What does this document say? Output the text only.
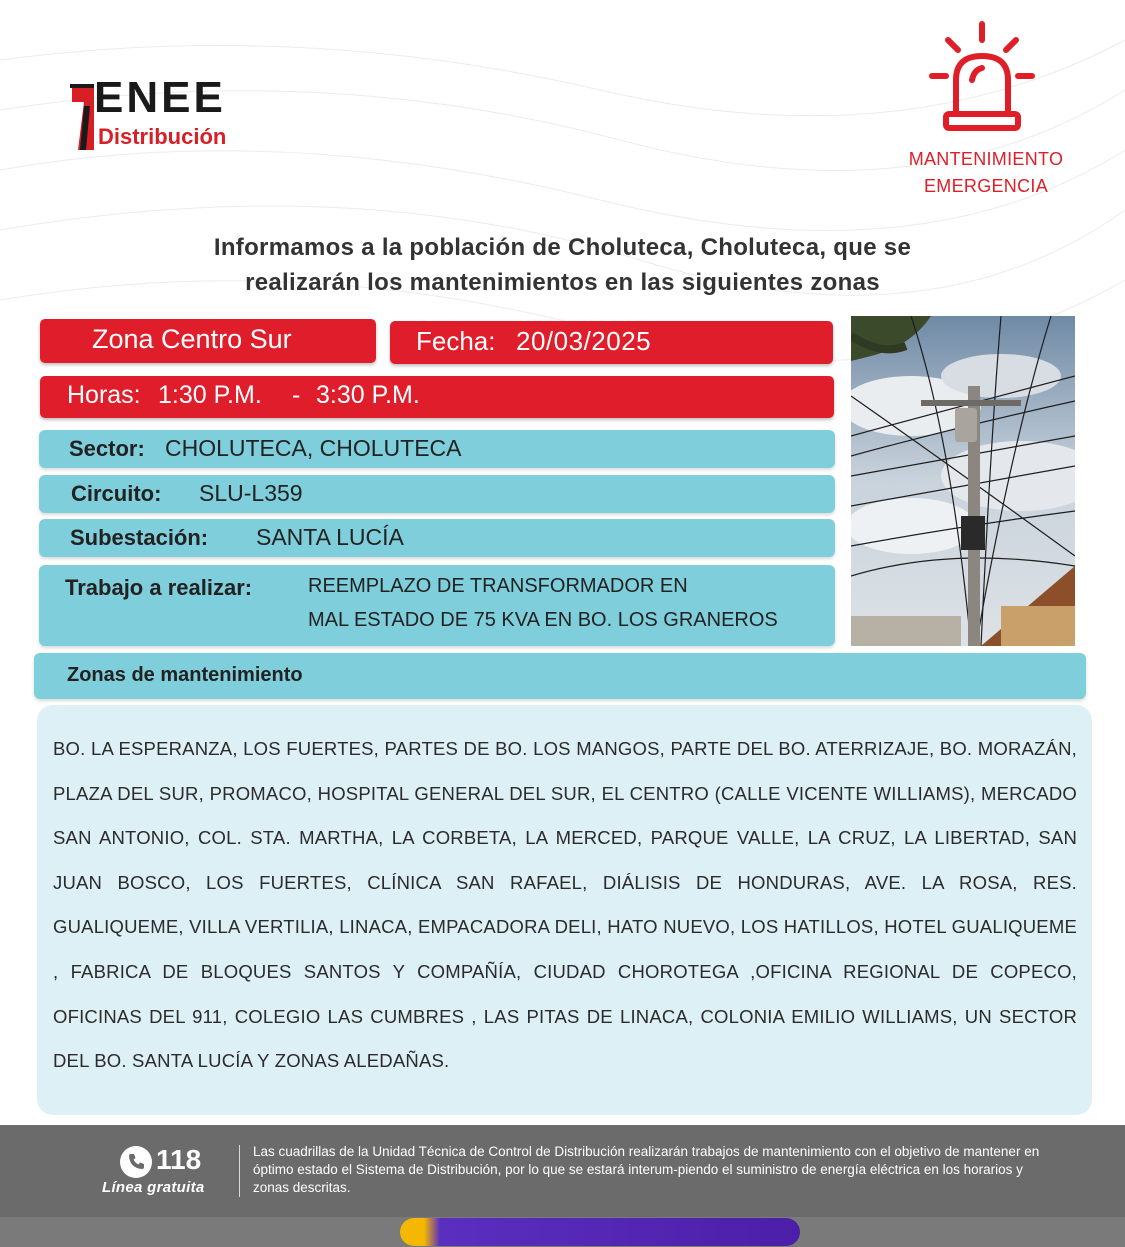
ENEE
Distribución
MANTENIMIENTO
EMERGENCIA
Informamos a la población de Choluteca, Choluteca, que se
realizarán los mantenimientos en las siguientes zonas
Zona Centro Sur	Fecha: 20/03/2025
Horas: 1:30 P.M. - 3:30 P.M.
Sector: CHOLUTECA, CHOLUTECA
Circuito: SLU-L359
Subestación: SANTA LUCÍA
Trabajo a realizar:	REEMPLAZO DE TRANSFORMADOR EN
MAL ESTADO DE 75 KVA EN BO. LOS GRANEROS
Zonas de mantenimiento
BO. LA ESPERANZA, LOS FUERTES, PARTES DE BO. LOS MANGOS, PARTE DEL BO. ATERRIZAJE, BO. MORAZÁN, PLAZA DEL SUR, PROMACO, HOSPITAL GENERAL DEL SUR, EL CENTRO (CALLE VICENTE WILLIAMS), MERCADO SAN ANTONIO, COL. STA. MARTHA, LA CORBETA, LA MERCED, PARQUE VALLE, LA CRUZ, LA LIBERTAD, SAN JUAN BOSCO, LOS FUERTES, CLÍNICA SAN RAFAEL, DIÁLISIS DE HONDURAS, AVE. LA ROSA, RES. GUALIQUEME, VILLA VERTILIA, LINACA, EMPACADORA DELI, HATO NUEVO, LOS HATILLOS, HOTEL GUALIQUEME , FABRICA DE BLOQUES SANTOS Y COMPAÑÍA, CIUDAD CHOROTEGA ,OFICINA REGIONAL DE COPECO, OFICINAS DEL 911, COLEGIO LAS CUMBRES , LAS PITAS DE LINACA, COLONIA EMILIO WILLIAMS, UN SECTOR DEL BO. SANTA LUCÍA Y ZONAS ALEDAÑAS.
118
Línea gratuita
Las cuadrillas de la Unidad Técnica de Control de Distribución realizarán trabajos de mantenimiento con el objetivo de mantener en óptimo estado el Sistema de Distribución, por lo que se estará interum-piendo el suministro de energía eléctrica en los horarios y zonas descritas.
